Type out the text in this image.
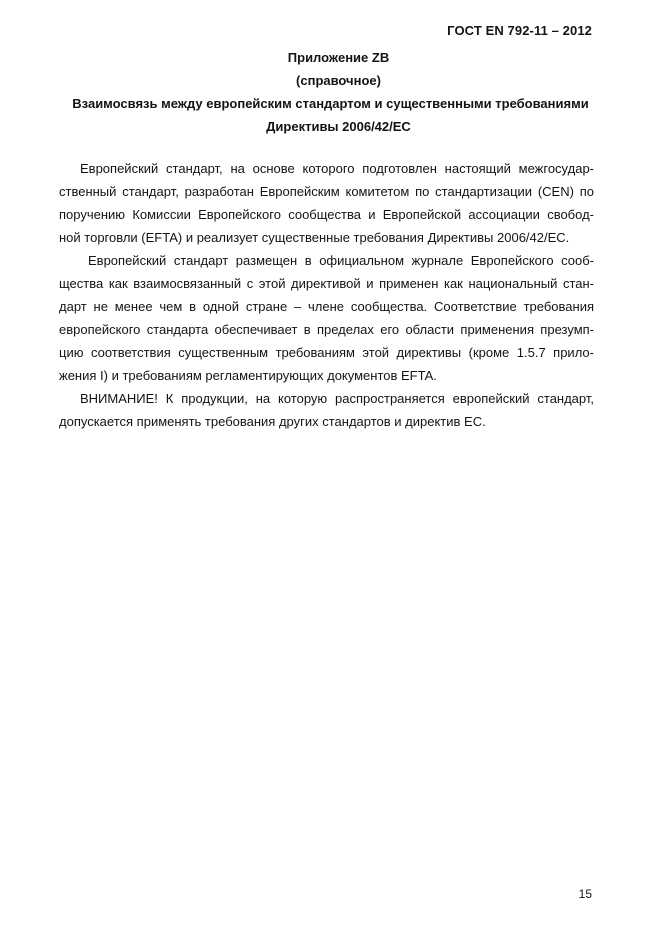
ГОСТ EN 792-11 – 2012
Приложение ZB
(справочное)
Взаимосвязь между европейским стандартом и существенными требованиями
Директивы 2006/42/ЕС
Европейский стандарт, на основе которого подготовлен настоящий межгосудар-
ственный стандарт, разработан Европейским комитетом по стандартизации (CEN) по
поручению Комиссии Европейского сообщества и Европейской ассоциации свобод-
ной торговли (EFTA) и реализует существенные требования Директивы 2006/42/ЕС.
Европейский стандарт размещен в официальном журнале Европейского сооб-
щества как взаимосвязанный с этой директивой и применен как национальный стан-
дарт не менее чем в одной стране – члене сообщества. Соответствие требования
европейского стандарта обеспечивает в пределах его области применения презумп-
цию соответствия существенным требованиям этой директивы (кроме 1.5.7 прило-
жения I) и требованиям регламентирующих документов EFTA.
ВНИМАНИЕ! К продукции, на которую распространяется европейский стандарт,
допускается применять требования других стандартов и директив ЕС.
15
